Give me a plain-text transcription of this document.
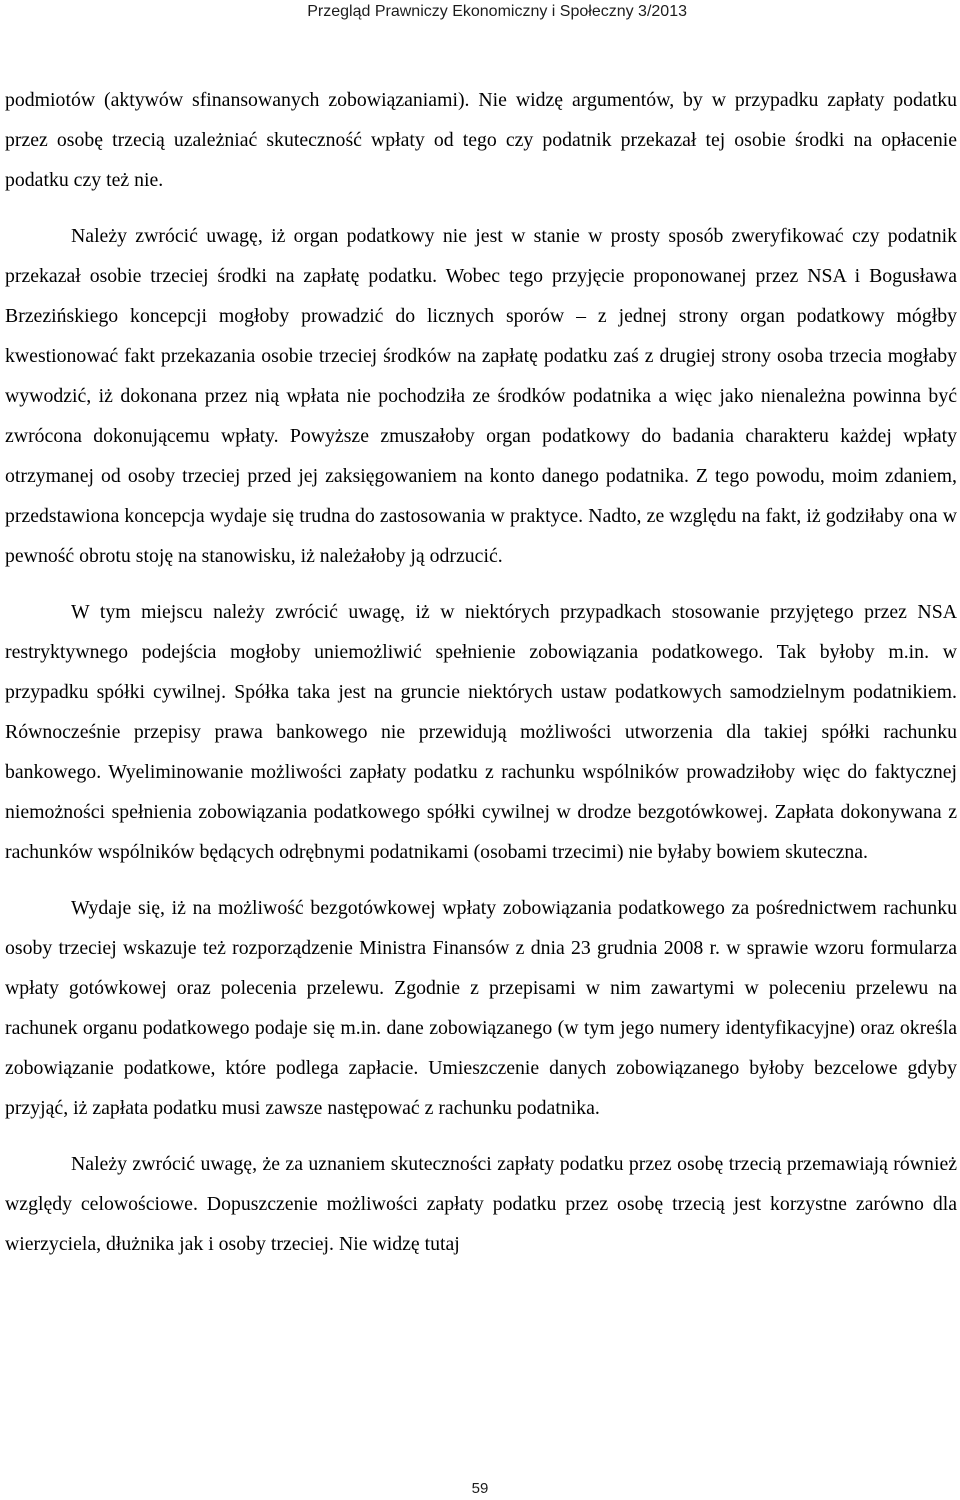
Przegląd Prawniczy Ekonomiczny i Społeczny 3/2013

podmiotów (aktywów sfinansowanych zobowiązaniami). Nie widzę argumentów, by w przypadku zapłaty podatku przez osobę trzecią uzależniać skuteczność wpłaty od tego czy podatnik przekazał tej osobie środki na opłacenie podatku czy też nie.

Należy zwrócić uwagę, iż organ podatkowy nie jest w stanie w prosty sposób zweryfikować czy podatnik przekazał osobie trzeciej środki na zapłatę podatku. Wobec tego przyjęcie proponowanej przez NSA i Bogusława Brzezińskiego koncepcji mogłoby prowadzić do licznych sporów – z jednej strony organ podatkowy mógłby kwestionować fakt przekazania osobie trzeciej środków na zapłatę podatku zaś z drugiej strony osoba trzecia mogłaby wywodzić, iż dokonana przez nią wpłata nie pochodziła ze środków podatnika a więc jako nienależna powinna być zwrócona dokonującemu wpłaty. Powyższe zmuszałoby organ podatkowy do badania charakteru każdej wpłaty otrzymanej od osoby trzeciej przed jej zaksięgowaniem na konto danego podatnika. Z tego powodu, moim zdaniem, przedstawiona koncepcja wydaje się trudna do zastosowania w praktyce. Nadto, ze względu na fakt, iż godziłaby ona w pewność obrotu stoję na stanowisku, iż należałoby ją odrzucić.

W tym miejscu należy zwrócić uwagę, iż w niektórych przypadkach stosowanie przyjętego przez NSA restryktywnego podejścia mogłoby uniemożliwić spełnienie zobowiązania podatkowego. Tak byłoby m.in. w przypadku spółki cywilnej. Spółka taka jest na gruncie niektórych ustaw podatkowych samodzielnym podatnikiem. Równocześnie przepisy prawa bankowego nie przewidują możliwości utworzenia dla takiej spółki rachunku bankowego. Wyeliminowanie możliwości zapłaty podatku z rachunku wspólników prowadziłoby więc do faktycznej niemożności spełnienia zobowiązania podatkowego spółki cywilnej w drodze bezgotówkowej. Zapłata dokonywana z rachunków wspólników będących odrębnymi podatnikami (osobami trzecimi) nie byłaby bowiem skuteczna.

Wydaje się, iż na możliwość bezgotówkowej wpłaty zobowiązania podatkowego za pośrednictwem rachunku osoby trzeciej wskazuje też rozporządzenie Ministra Finansów z dnia 23 grudnia 2008 r. w sprawie wzoru formularza wpłaty gotówkowej oraz polecenia przelewu. Zgodnie z przepisami w nim zawartymi w poleceniu przelewu na rachunek organu podatkowego podaje się m.in. dane zobowiązanego (w tym jego numery identyfikacyjne) oraz określa zobowiązanie podatkowe, które podlega zapłacie. Umieszczenie danych zobowiązanego byłoby bezcelowe gdyby przyjąć, iż zapłata podatku musi zawsze następować z rachunku podatnika.

Należy zwrócić uwagę, że za uznaniem skuteczności zapłaty podatku przez osobę trzecią przemawiają również względy celowościowe. Dopuszczenie możliwości zapłaty podatku przez osobę trzecią jest korzystne zarówno dla wierzyciela, dłużnika jak i osoby trzeciej. Nie widzę tutaj

59
